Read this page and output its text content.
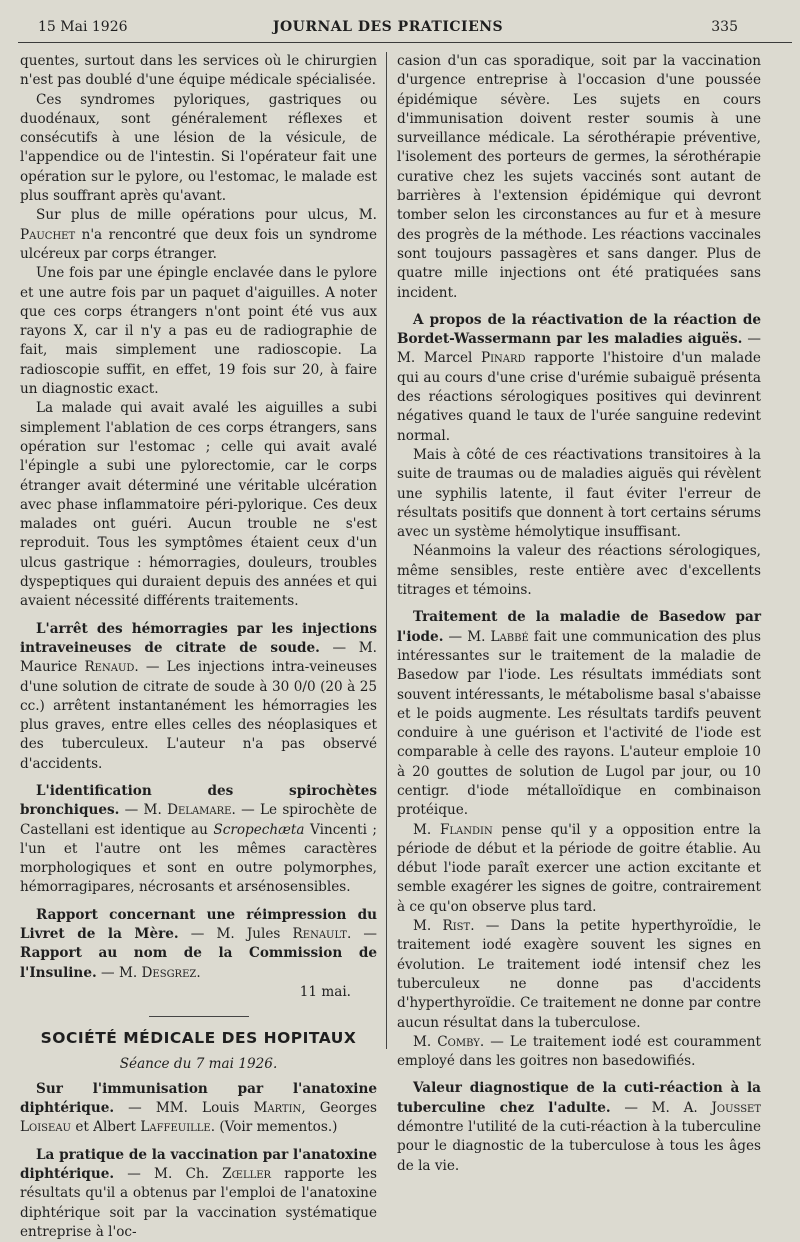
15 Mai 1926	JOURNAL DES PRATICIENS	335

quentes, surtout dans les services où le chirurgien n'est pas doublé d'une équipe médicale spécialisée.

Ces syndromes pyloriques, gastriques ou duodénaux, sont généralement réflexes et consécutifs à une lésion de la vésicule, de l'appendice ou de l'intestin. Si l'opérateur fait une opération sur le pylore, ou l'estomac, le malade est plus souffrant après qu'avant.

Sur plus de mille opérations pour ulcus, M. Pauchet n'a rencontré que deux fois un syndrome ulcéreux par corps étranger.

Une fois par une épingle enclavée dans le pylore et une autre fois par un paquet d'aiguilles. A noter que ces corps étrangers n'ont point été vus aux rayons X, car il n'y a pas eu de radiographie de fait, mais simplement une radioscopie. La radioscopie suffit, en effet, 19 fois sur 20, à faire un diagnostic exact.

La malade qui avait avalé les aiguilles a subi simplement l'ablation de ces corps étrangers, sans opération sur l'estomac ; celle qui avait avalé l'épingle a subi une pylorectomie, car le corps étranger avait déterminé une véritable ulcération avec phase inflammatoire péri-pylorique. Ces deux malades ont guéri. Aucun trouble ne s'est reproduit. Tous les symptômes étaient ceux d'un ulcus gastrique : hémorragies, douleurs, troubles dyspeptiques qui duraient depuis des années et qui avaient nécessité différents traitements.

L'arrêt des hémorragies par les injections intraveineuses de citrate de soude. — M. Maurice Renaud. — Les injections intra-veineuses d'une solution de citrate de soude à 30 0/0 (20 à 25 cc.) arrêtent instantanément les hémorragies les plus graves, entre elles celles des néoplasiques et des tuberculeux. L'auteur n'a pas observé d'accidents.

L'identification des spirochètes bronchiques. — M. Delamare. — Le spirochète de Castellani est identique au Scropechæta Vincenti ; l'un et l'autre ont les mêmes caractères morphologiques et sont en outre polymorphes, hémorragipares, nécrosants et arsénosensibles.

Rapport concernant une réimpression du Livret de la Mère. — M. Jules Renault. — Rapport au nom de la Commission de l'Insuline. — M. Desgrez.

11 mai.

SOCIÉTÉ MÉDICALE DES HOPITAUX
Séance du 7 mai 1926.

Sur l'immunisation par l'anatoxine diphtérique. — MM. Louis Martin, Georges Loiseau et Albert Laffeuille. (Voir mementos.)

La pratique de la vaccination par l'anatoxine diphtérique. — M. Ch. Zœller rapporte les résultats qu'il a obtenus par l'emploi de l'anatoxine diphtérique soit par la vaccination systématique entreprise à l'oc-

casion d'un cas sporadique, soit par la vaccination d'urgence entreprise à l'occasion d'une poussée épidémique sévère. Les sujets en cours d'immunisation doivent rester soumis à une surveillance médicale. La sérothérapie préventive, l'isolement des porteurs de germes, la sérothérapie curative chez les sujets vaccinés sont autant de barrières à l'extension épidémique qui devront tomber selon les circonstances au fur et à mesure des progrès de la méthode. Les réactions vaccinales sont toujours passagères et sans danger. Plus de quatre mille injections ont été pratiquées sans incident.

A propos de la réactivation de la réaction de Bordet-Wassermann par les maladies aiguës. — M. Marcel Pinard rapporte l'histoire d'un malade qui au cours d'une crise d'urémie subaiguë présenta des réactions sérologiques positives qui devinrent négatives quand le taux de l'urée sanguine redevint normal.

Mais à côté de ces réactivations transitoires à la suite de traumas ou de maladies aiguës qui révèlent une syphilis latente, il faut éviter l'erreur de résultats positifs que donnent à tort certains sérums avec un système hémolytique insuffisant.

Néanmoins la valeur des réactions sérologiques, même sensibles, reste entière avec d'excellents titrages et témoins.

Traitement de la maladie de Basedow par l'iode. — M. Labbé fait une communication des plus intéressantes sur le traitement de la maladie de Basedow par l'iode. Les résultats immédiats sont souvent intéressants, le métabolisme basal s'abaisse et le poids augmente. Les résultats tardifs peuvent conduire à une guérison et l'activité de l'iode est comparable à celle des rayons. L'auteur emploie 10 à 20 gouttes de solution de Lugol par jour, ou 10 centigr. d'iode métalloïdique en combinaison protéique.

M. Flandin pense qu'il y a opposition entre la période de début et la période de goitre établie. Au début l'iode paraît exercer une action excitante et semble exagérer les signes de goitre, contrairement à ce qu'on observe plus tard.

M. Rist. — Dans la petite hyperthyroïdie, le traitement iodé exagère souvent les signes en évolution. Le traitement iodé intensif chez les tuberculeux ne donne pas d'accidents d'hyperthyroïdie. Ce traitement ne donne par contre aucun résultat dans la tuberculose.

M. Comby. — Le traitement iodé est couramment employé dans les goitres non basedowifiés.

Valeur diagnostique de la cuti-réaction à la tuberculine chez l'adulte. — M. A. Jousset démontre l'utilité de la cuti-réaction à la tuberculine pour le diagnostic de la tuberculose à tous les âges de la vie.
